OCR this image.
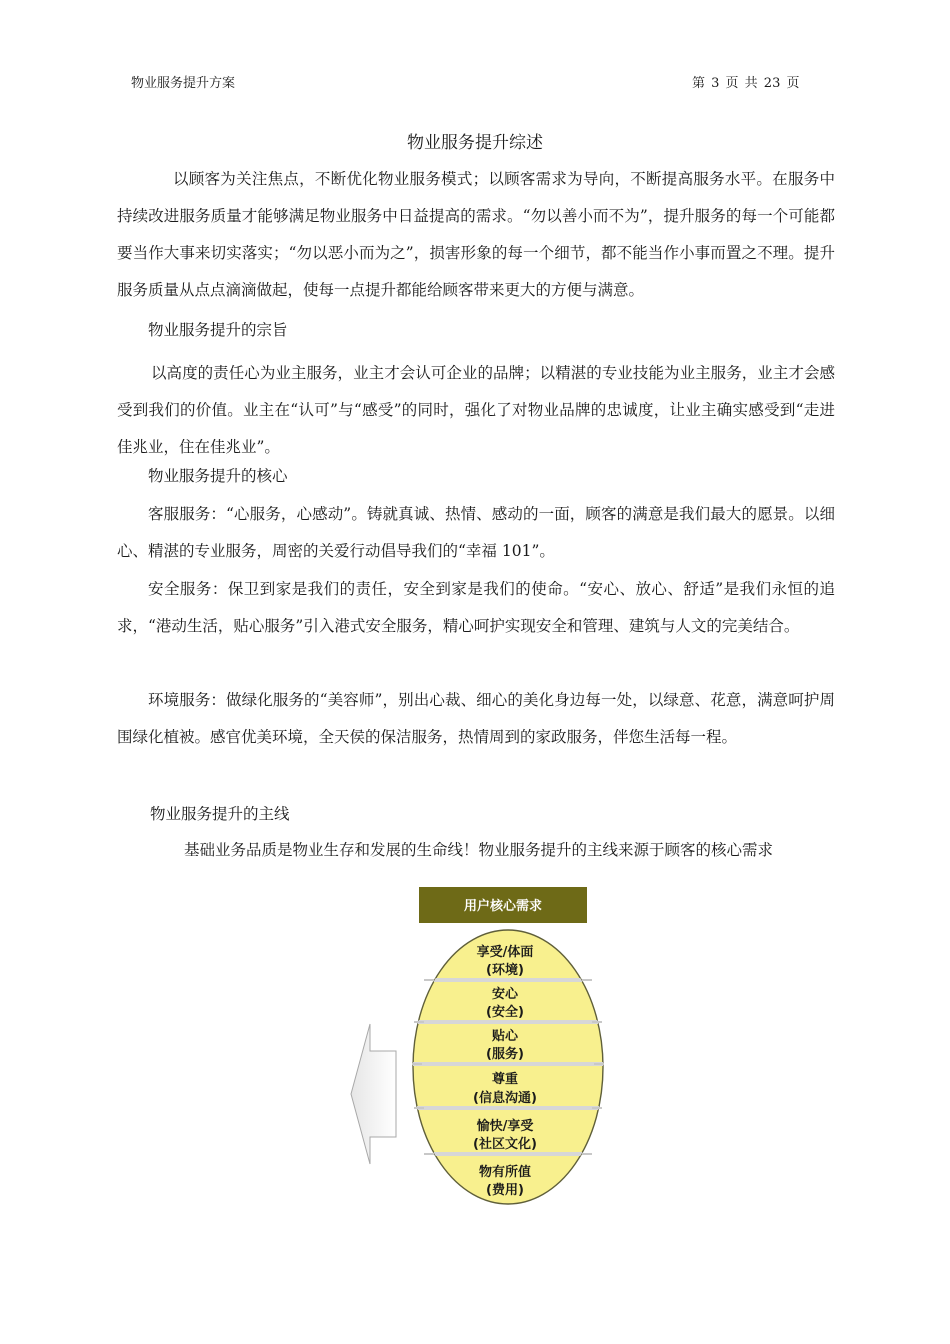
物业服务提升方案	第 3 页 共 23 页
物业服务提升综述
以顾客为关注焦点，不断优化物业服务模式；以顾客需求为导向，不断提高服务水平。在服务中持续改进服务质量才能够满足物业服务中日益提高的需求。“勿以善小而不为”，提升服务的每一个可能都要当作大事来切实落实；“勿以恶小而为之”，损害形象的每一个细节，都不能当作小事而置之不理。提升服务质量从点点滴滴做起，使每一点提升都能给顾客带来更大的方便与满意。
物业服务提升的宗旨
以高度的责任心为业主服务，业主才会认可企业的品牌；以精湛的专业技能为业主服务，业主才会感受到我们的价值。业主在“认可”与“感受”的同时，强化了对物业品牌的忠诚度，让业主确实感受到“走进佳兆业，住在佳兆业”。
物业服务提升的核心
客服服务：“心服务，心感动”。铸就真诚、热情、感动的一面，顾客的满意是我们最大的愿景。以细心、精湛的专业服务，周密的关爱行动倡导我们的“幸福 101”。
安全服务：保卫到家是我们的责任，安全到家是我们的使命。“安心、放心、舒适”是我们永恒的追求，“港动生活，贴心服务”引入港式安全服务，精心呵护实现安全和管理、建筑与人文的完美结合。
环境服务：做绿化服务的“美容师”，别出心裁、细心的美化身边每一处，以绿意、花意，满意呵护周围绿化植被。感官优美环境，全天侯的保洁服务，热情周到的家政服务，伴您生活每一程。
物业服务提升的主线
基础业务品质是物业生存和发展的生命线！物业服务提升的主线来源于顾客的核心需求
用户核心需求
享受/体面
(环境)
安心
(安全)
贴心
(服务)
尊重
(信息沟通)
愉快/享受
(社区文化)
物有所值
(费用)
